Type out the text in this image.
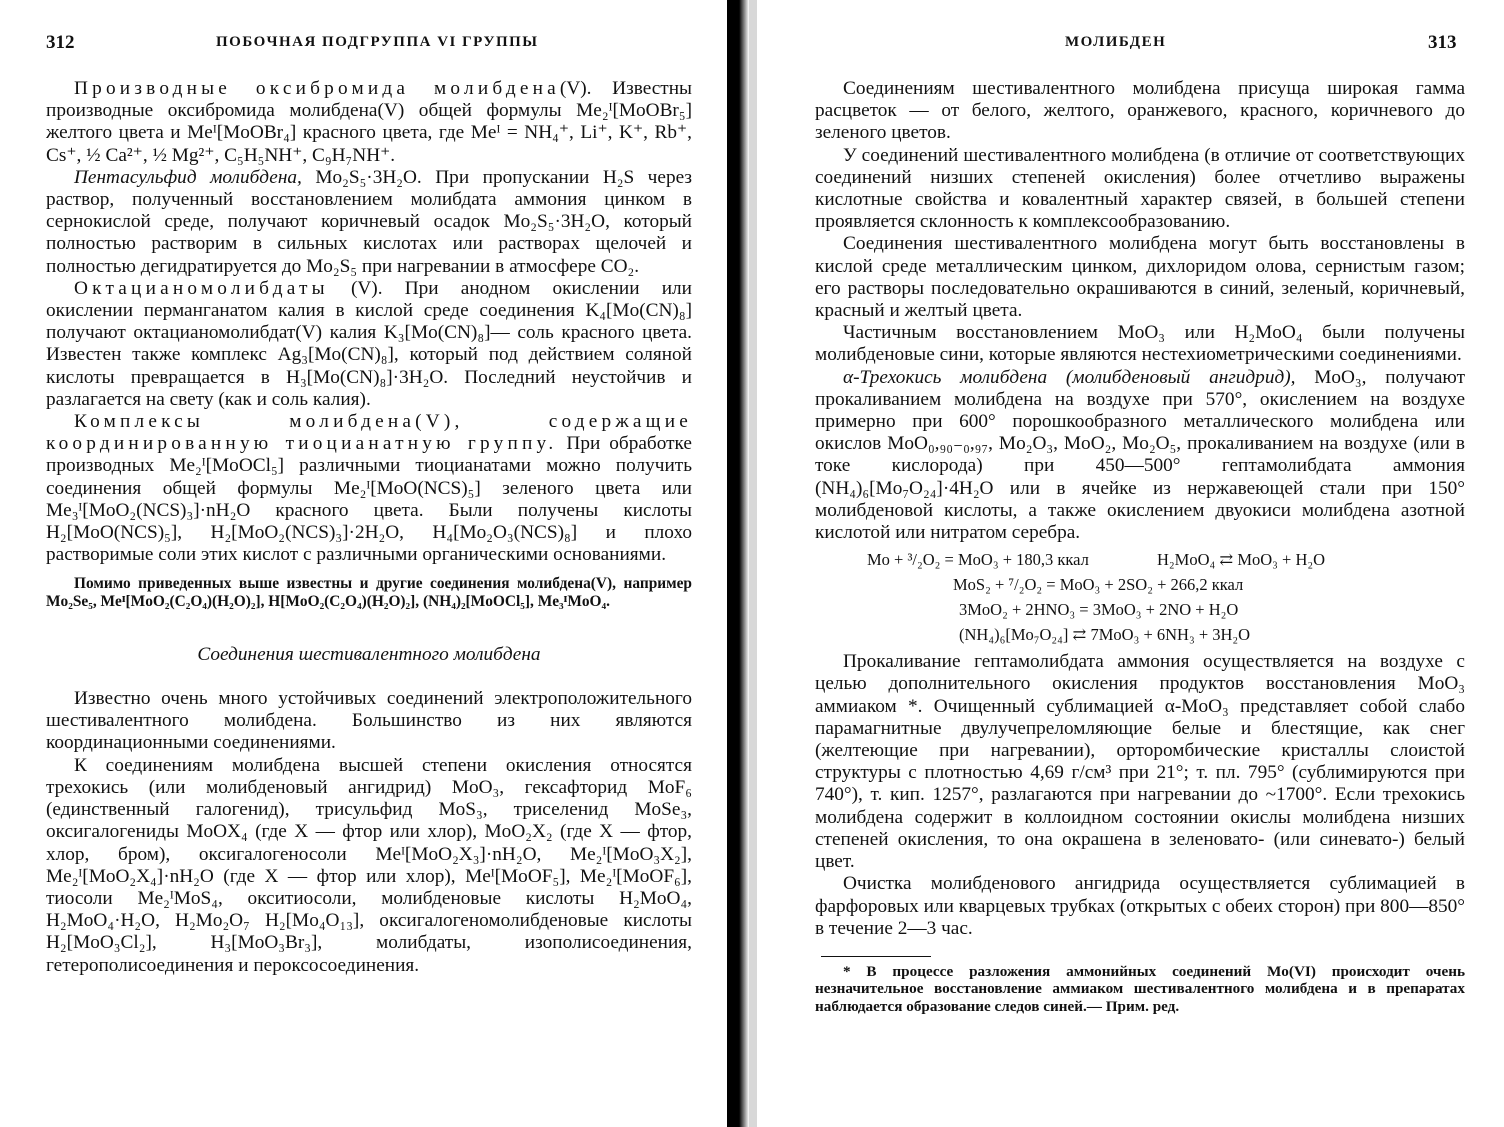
312	ПОБОЧНАЯ ПОДГРУППА VI ГРУППЫ

Производные оксибромида молибдена(V). Известны производные оксибромида молибдена(V) общей формулы Me₂ᴵ[MoOBr₅] желтого цвета и Meᴵ[MoOBr₄] красного цвета, где Meᴵ = NH₄⁺, Li⁺, K⁺, Rb⁺, Cs⁺, ½ Ca²⁺, ½ Mg²⁺, C₅H₅NH⁺, C₉H₇NH⁺.

Пентасульфид молибдена, Mo₂S₅·3H₂O. При пропускании H₂S через раствор, полученный восстановлением молибдата аммония цинком в сернокислой среде, получают коричневый осадок Mo₂S₅·3H₂O, который полностью растворим в сильных кислотах или растворах щелочей и полностью дегидратируется до Mo₂S₅ при нагревании в атмосфере CO₂.

Октацианомолибдаты (V). При анодном окислении или окислении перманганатом калия в кислой среде соединения K₄[Mo(CN)₈] получают октацианомолибдат(V) калия K₃[Mo(CN)₈]— соль красного цвета. Известен также комплекс Ag₃[Mo(CN)₈], который под действием соляной кислоты превращается в H₃[Mo(CN)₈]·3H₂O. Последний неустойчив и разлагается на свету (как и соль калия).

Комплексы молибдена(V), содержащие координированную тиоцианатную группу. При обработке производных Me₂ᴵ[MoOCl₅] различными тиоцианатами можно получить соединения общей формулы Me₂ᴵ[MoO(NCS)₅] зеленого цвета или Me₃ᴵ[MoO₂(NCS)₃]·nH₂O красного цвета. Были получены кислоты H₂[MoO(NCS)₅], H₂[MoO₂(NCS)₃]·2H₂O, H₄[Mo₂O₃(NCS)₈] и плохо растворимые соли этих кислот с различными органическими основаниями.

Помимо приведенных выше известны и другие соединения молибдена(V), например Mo₂Se₅, Meᴵ[MoO₂(C₂O₄)(H₂O)₂], H[MoO₂(C₂O₄)(H₂O)₂], (NH₄)₂[MoOCl₅], Me₃ᴵMoO₄.

Соединения шестивалентного молибдена

Известно очень много устойчивых соединений электроположительного шестивалентного молибдена. Большинство из них являются координационными соединениями.

К соединениям молибдена высшей степени окисления относятся трехокись (или молибденовый ангидрид) MoO₃, гексафторид MoF₆ (единственный галогенид), трисульфид MoS₃, триселенид MoSe₃, оксигалогениды MoOX₄ (где X — фтор или хлор), MoO₂X₂ (где X — фтор, хлор, бром), оксигалогеносоли Meᴵ[MoO₂X₃]·nH₂O, Me₂ᴵ[MoO₃X₂], Me₂ᴵ[MoO₂X₄]·nH₂O (где X — фтор или хлор), Meᴵ[MoOF₅], Me₂ᴵ[MoOF₆], тиосоли Me₂ᴵMoS₄, окситиосоли, молибденовые кислоты H₂MoO₄, H₂MoO₄·H₂O, H₂Mo₂O₇ H₂[Mo₄O₁₃], оксигалогеномолибденовые кислоты H₂[MoO₃Cl₂], H₃[MoO₃Br₃], молибдаты, изополисоединения, гетерополисоединения и пероксосоединения.

МОЛИБДЕН	313

Соединениям шестивалентного молибдена присуща широкая гамма расцветок — от белого, желтого, оранжевого, красного, коричневого до зеленого цветов.

У соединений шестивалентного молибдена (в отличие от соответствующих соединений низших степеней окисления) более отчетливо выражены кислотные свойства и ковалентный характер связей, в большей степени проявляется склонность к комплексообразованию.

Соединения шестивалентного молибдена могут быть восстановлены в кислой среде металлическим цинком, дихлоридом олова, сернистым газом; его растворы последовательно окрашиваются в синий, зеленый, коричневый, красный и желтый цвета.

Частичным восстановлением MoO₃ или H₂MoO₄ были получены молибденовые сини, которые являются нестехиометрическими соединениями.

α-Трехокись молибдена (молибденовый ангидрид), MoO₃, получают прокаливанием молибдена на воздухе при 570°, окислением на воздухе примерно при 600° порошкообразного металлического молибдена или окислов MoO₀,₉₀₋₀,₉₇, Mo₂O₃, MoO₂, Mo₂O₅, прокаливанием на воздухе (или в токе кислорода) при 450—500° гептамолибдата аммония (NH₄)₆[Mo₇O₂₄]·4H₂O или в ячейке из нержавеющей стали при 150° молибденовой кислоты, а также окислением двуокиси молибдена азотной кислотой или нитратом серебра.

Mo + ³/₂O₂ = MoO₃ + 180,3 ккал	H₂MoO₄ ⇄ MoO₃ + H₂O
MoS₂ + ⁷/₂O₂ = MoO₃ + 2SO₂ + 266,2 ккал
3MoO₂ + 2HNO₃ = 3MoO₃ + 2NO + H₂O
(NH₄)₆[Mo₇O₂₄] ⇄ 7MoO₃ + 6NH₃ + 3H₂O

Прокаливание гептамолибдата аммония осуществляется на воздухе с целью дополнительного окисления продуктов восстановления MoO₃ аммиаком *. Очищенный сублимацией α-MoO₃ представляет собой слабо парамагнитные двулучепреломляющие белые и блестящие, как снег (желтеющие при нагревании), орторомбические кристаллы слоистой структуры с плотностью 4,69 г/см³ при 21°; т. пл. 795° (сублимируются при 740°), т. кип. 1257°, разлагаются при нагревании до ~1700°. Если трехокись молибдена содержит в коллоидном состоянии окислы молибдена низших степеней окисления, то она окрашена в зеленовато- (или синевато-) белый цвет.

Очистка молибденового ангидрида осуществляется сублимацией в фарфоровых или кварцевых трубках (открытых с обеих сторон) при 800—850° в течение 2—3 час.

* В процессе разложения аммонийных соединений Mo(VI) происходит очень незначительное восстановление аммиаком шестивалентного молибдена и в препаратах наблюдается образование следов синей.— Прим. ред.
